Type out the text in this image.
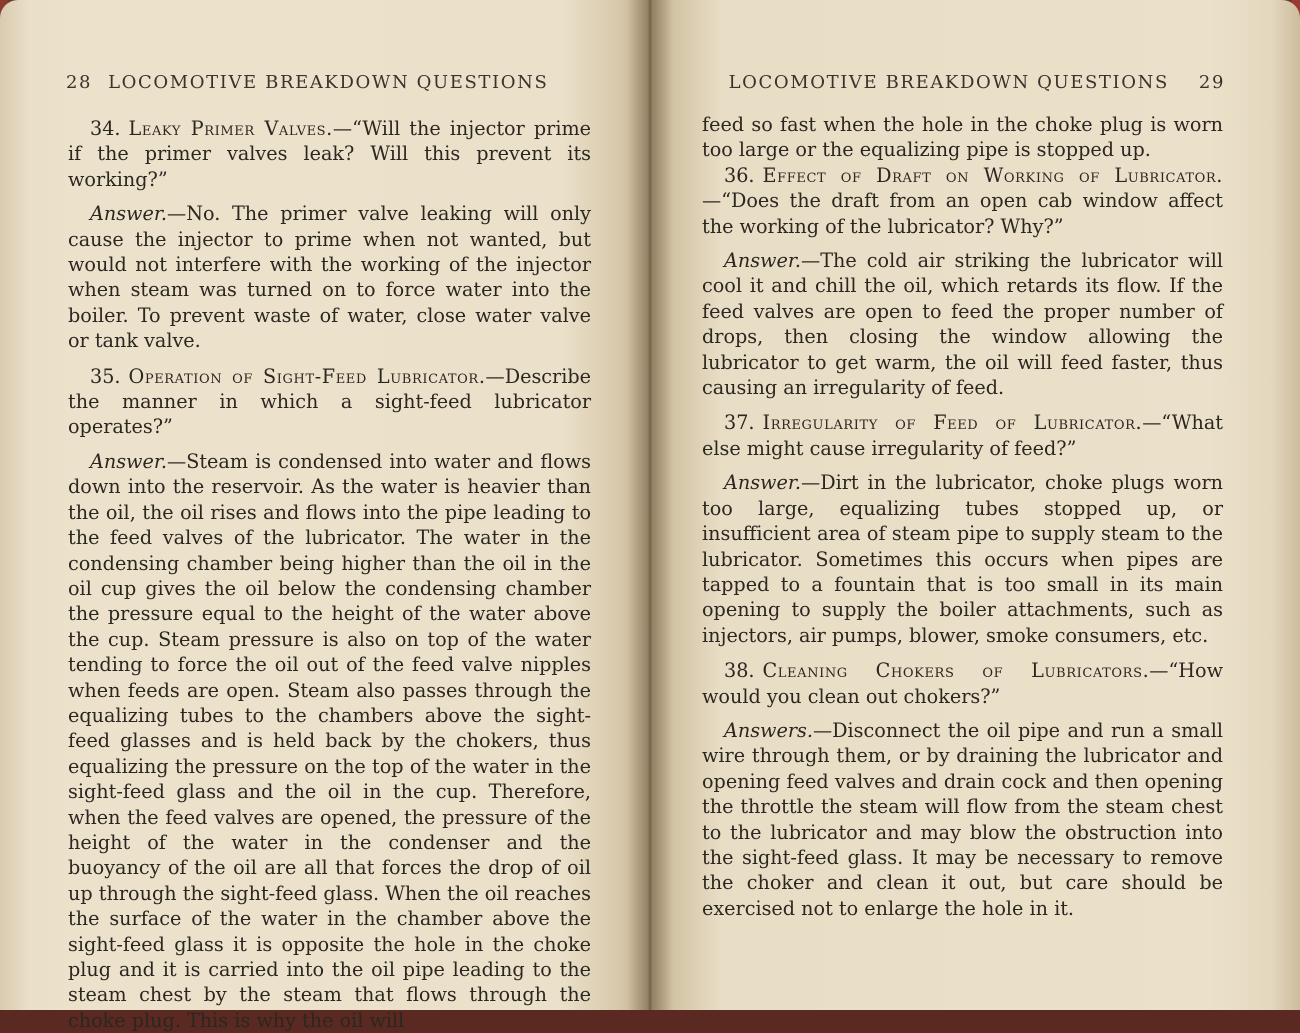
28 LOCOMOTIVE BREAKDOWN QUESTIONS

34. Leaky Primer Valves.—“Will the injector prime if the primer valves leak? Will this prevent its working?”

Answer.—No. The primer valve leaking will only cause the injector to prime when not wanted, but would not interfere with the working of the injector when steam was turned on to force water into the boiler. To prevent waste of water, close water valve or tank valve.

35. Operation of Sight-Feed Lubricator.—Describe the manner in which a sight-feed lubricator operates?”

Answer.—Steam is condensed into water and flows down into the reservoir. As the water is heavier than the oil, the oil rises and flows into the pipe leading to the feed valves of the lubricator. The water in the condensing chamber being higher than the oil in the oil cup gives the oil below the condensing chamber the pressure equal to the height of the water above the cup. Steam pressure is also on top of the water tending to force the oil out of the feed valve nipples when feeds are open. Steam also passes through the equalizing tubes to the chambers above the sight-feed glasses and is held back by the chokers, thus equalizing the pressure on the top of the water in the sight-feed glass and the oil in the cup. Therefore, when the feed valves are opened, the pressure of the height of the water in the condenser and the buoyancy of the oil are all that forces the drop of oil up through the sight-feed glass. When the oil reaches the surface of the water in the chamber above the sight-feed glass it is opposite the hole in the choke plug and it is carried into the oil pipe leading to the steam chest by the steam that flows through the choke plug. This is why the oil will

LOCOMOTIVE BREAKDOWN QUESTIONS 29

feed so fast when the hole in the choke plug is worn too large or the equalizing pipe is stopped up.

36. Effect of Draft on Working of Lubricator.—“Does the draft from an open cab window affect the working of the lubricator? Why?”

Answer.—The cold air striking the lubricator will cool it and chill the oil, which retards its flow. If the feed valves are open to feed the proper number of drops, then closing the window allowing the lubricator to get warm, the oil will feed faster, thus causing an irregularity of feed.

37. Irregularity of Feed of Lubricator.—“What else might cause irregularity of feed?”

Answer.—Dirt in the lubricator, choke plugs worn too large, equalizing tubes stopped up, or insufficient area of steam pipe to supply steam to the lubricator. Sometimes this occurs when pipes are tapped to a fountain that is too small in its main opening to supply the boiler attachments, such as injectors, air pumps, blower, smoke consumers, etc.

38. Cleaning Chokers of Lubricators.—“How would you clean out chokers?”

Answers.—Disconnect the oil pipe and run a small wire through them, or by draining the lubricator and opening feed valves and drain cock and then opening the throttle the steam will flow from the steam chest to the lubricator and may blow the obstruction into the sight-feed glass. It may be necessary to remove the choker and clean it out, but care should be exercised not to enlarge the hole in it.
